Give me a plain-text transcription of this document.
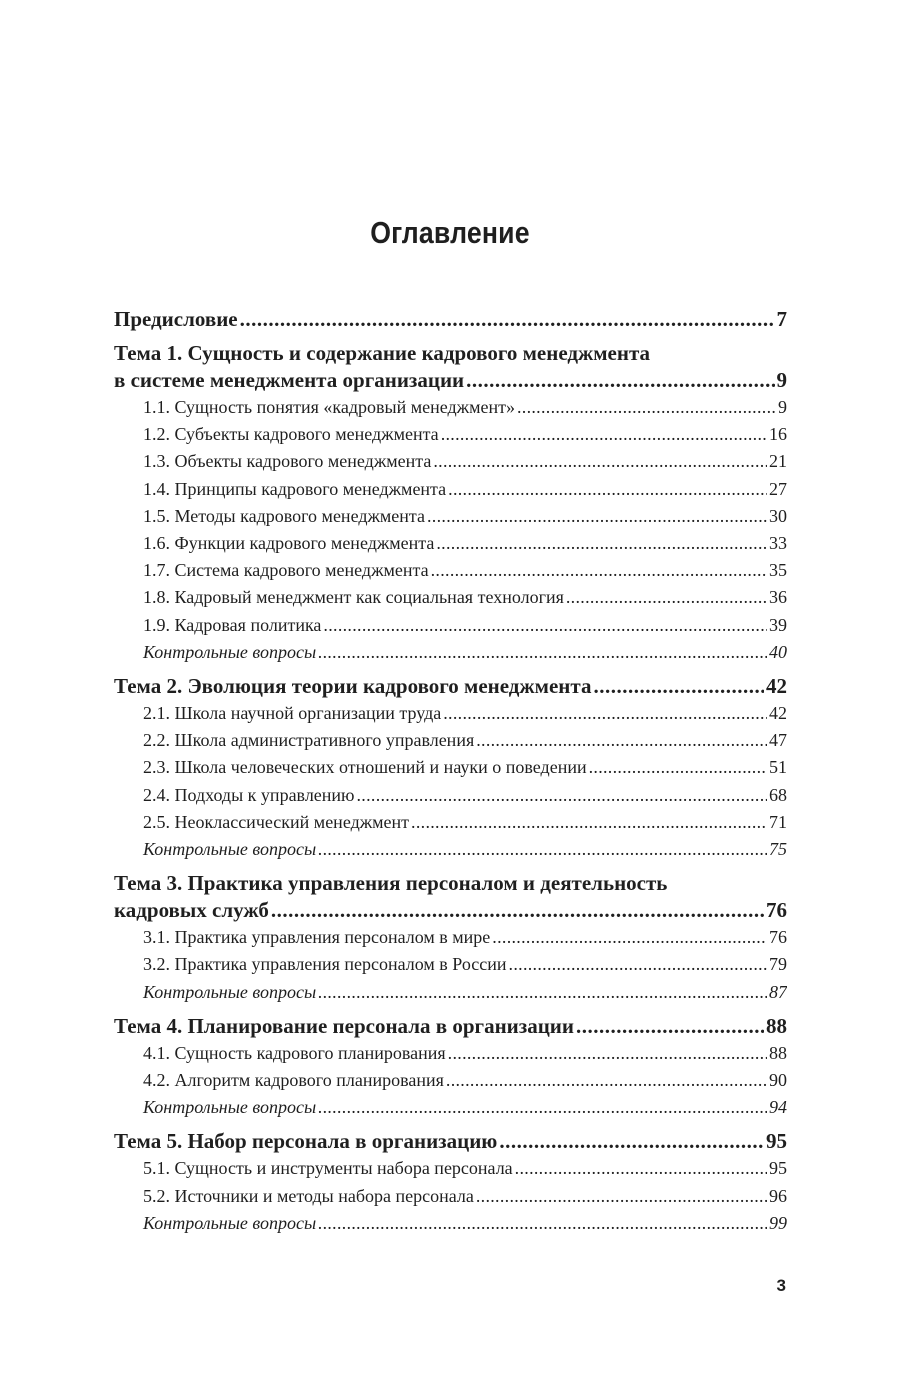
Оглавление
Предисловие .....	7
Тема 1. Сущность и содержание кадрового менеджмента
в системе менеджмента организации .....	9
1.1. Сущность понятия «кадровый менеджмент» .....	9
1.2. Субъекты кадрового менеджмента .....	16
1.3. Объекты кадрового менеджмента .....	21
1.4. Принципы кадрового менеджмента .....	27
1.5. Методы кадрового менеджмента .....	30
1.6. Функции кадрового менеджмента .....	33
1.7. Система кадрового менеджмента .....	35
1.8. Кадровый менеджмент как социальная технология .....	36
1.9. Кадровая политика .....	39
Контрольные вопросы .....	40
Тема 2. Эволюция теории кадрового менеджмента .....	42
2.1. Школа научной организации труда .....	42
2.2. Школа административного управления .....	47
2.3. Школа человеческих отношений и науки о поведении .....	51
2.4. Подходы к управлению .....	68
2.5. Неоклассический менеджмент .....	71
Контрольные вопросы .....	75
Тема 3. Практика управления персоналом и деятельность
кадровых служб .....	76
3.1. Практика управления персоналом в мире .....	76
3.2. Практика управления персоналом в России .....	79
Контрольные вопросы .....	87
Тема 4. Планирование персонала в организации .....	88
4.1. Сущность кадрового планирования .....	88
4.2. Алгоритм кадрового планирования .....	90
Контрольные вопросы .....	94
Тема 5. Набор персонала в организацию .....	95
5.1. Сущность и инструменты набора персонала .....	95
5.2. Источники и методы набора персонала .....	96
Контрольные вопросы .....	99
3
